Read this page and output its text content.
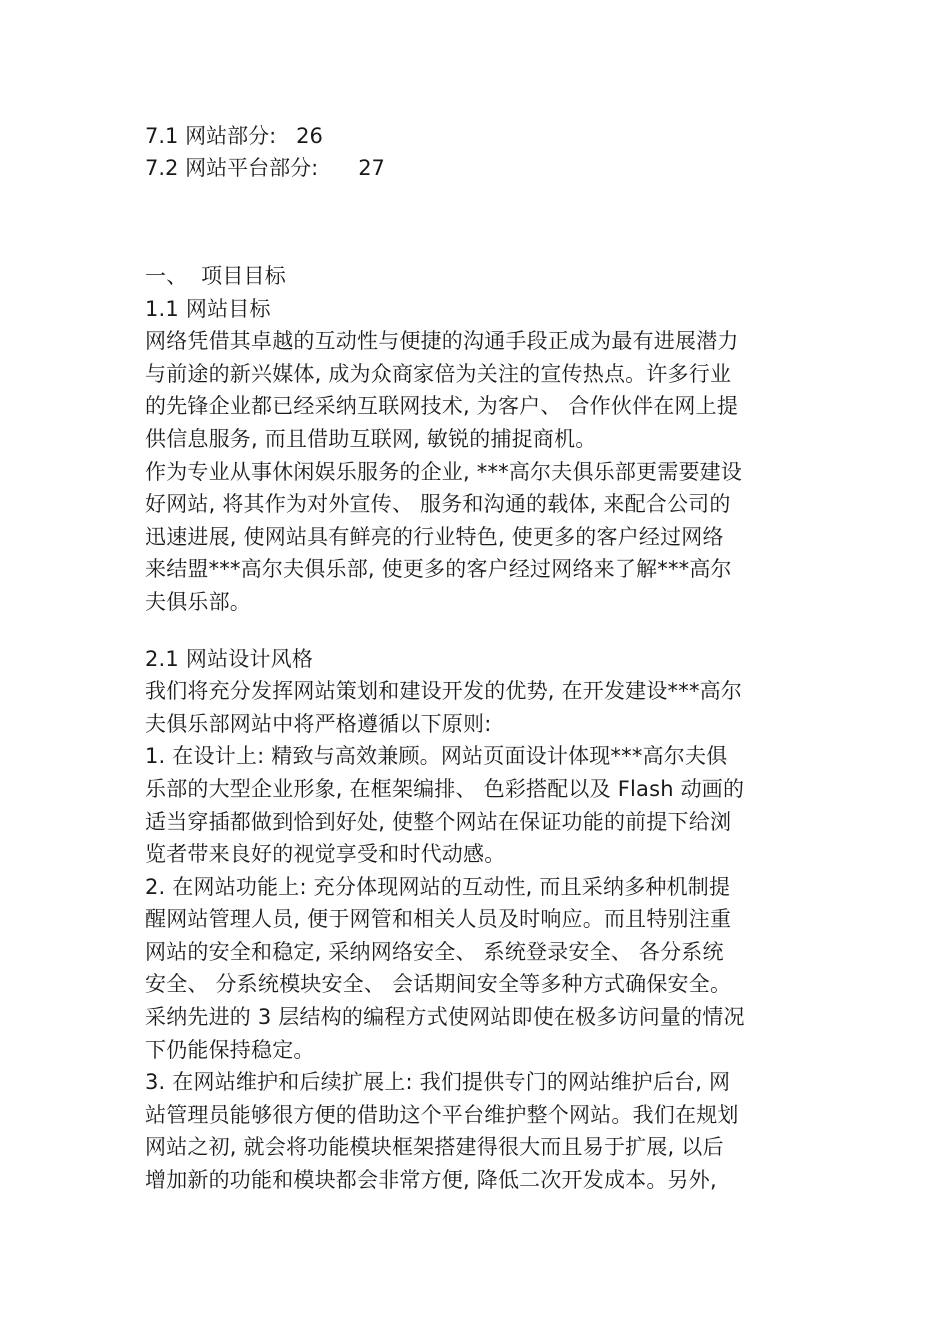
7.1 网站部分:   26
7.2 网站平台部分:      27
一、  项目目标
1.1 网站目标
网络凭借其卓越的互动性与便捷的沟通手段正成为最有进展潜力
与前途的新兴媒体, 成为众商家倍为关注的宣传热点。许多行业
的先锋企业都已经采纳互联网技术, 为客户、 合作伙伴在网上提
供信息服务, 而且借助互联网, 敏锐的捕捉商机。
作为专业从事休闲娱乐服务的企业, ***高尔夫俱乐部更需要建设
好网站, 将其作为对外宣传、 服务和沟通的载体, 来配合公司的
迅速进展, 使网站具有鲜亮的行业特色, 使更多的客户经过网络
来结盟***高尔夫俱乐部, 使更多的客户经过网络来了解***高尔
夫俱乐部。
2.1 网站设计风格
我们将充分发挥网站策划和建设开发的优势, 在开发建设***高尔
夫俱乐部网站中将严格遵循以下原则:
1. 在设计上: 精致与高效兼顾。网站页面设计体现***高尔夫俱
乐部的大型企业形象, 在框架编排、 色彩搭配以及 Flash 动画的
适当穿插都做到恰到好处, 使整个网站在保证功能的前提下给浏
览者带来良好的视觉享受和时代动感。
2. 在网站功能上: 充分体现网站的互动性, 而且采纳多种机制提
醒网站管理人员, 便于网管和相关人员及时响应。而且特别注重
网站的安全和稳定, 采纳网络安全、 系统登录安全、 各分系统
安全、 分系统模块安全、 会话期间安全等多种方式确保安全。
采纳先进的 3 层结构的编程方式使网站即使在极多访问量的情况
下仍能保持稳定。
3. 在网站维护和后续扩展上: 我们提供专门的网站维护后台, 网
站管理员能够很方便的借助这个平台维护整个网站。我们在规划
网站之初, 就会将功能模块框架搭建得很大而且易于扩展, 以后
增加新的功能和模块都会非常方便, 降低二次开发成本。另外,
